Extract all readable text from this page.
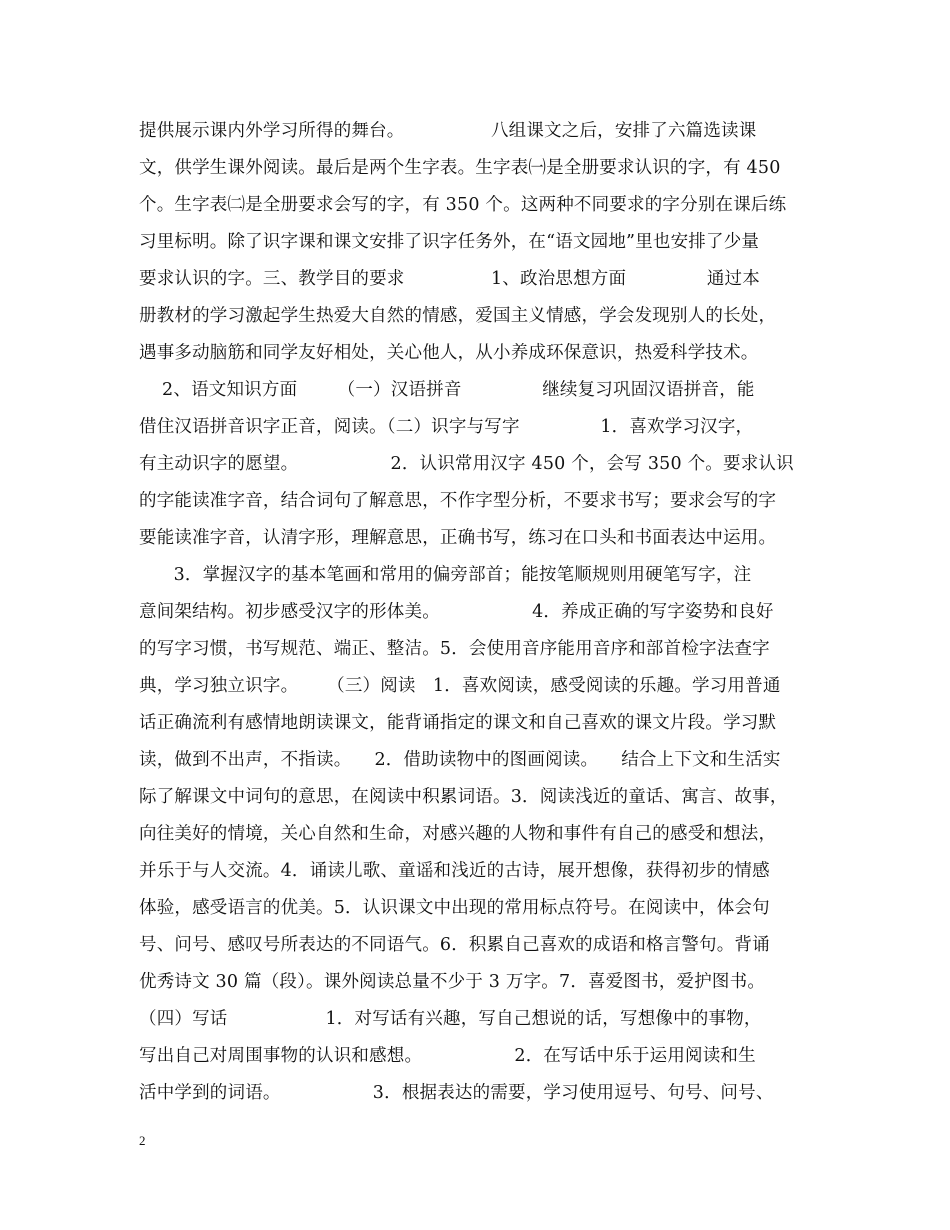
提供展示课内外学习所得的舞台。               八组课文之后，安排了六篇选读课
文，供学生课外阅读。最后是两个生字表。生字表㈠是全册要求认识的字，有 450
个。生字表㈡是全册要求会写的字，有 350 个。这两种不同要求的字分别在课后练
习里标明。除了识字课和课文安排了识字任务外，在“语文园地”里也安排了少量
要求认识的字。三、教学目的要求               1、政治思想方面              通过本
册教材的学习激起学生热爱大自然的情感，爱国主义情感，学会发现别人的长处，
遇事多动脑筋和同学友好相处，关心他人，从小养成环保意识，热爱科学技术。
2、语文知识方面       （一）汉语拼音              继续复习巩固汉语拼音，能
借住汉语拼音识字正音，阅读。（二）识字与写字              1．喜欢学习汉字，
有主动识字的愿望。                2．认识常用汉字 450 个，会写 350 个。要求认识
的字能读准字音，结合词句了解意思，不作字型分析，不要求书写；要求会写的字
要能读准字音，认清字形，理解意思，正确书写，练习在口头和书面表达中运用。
3．掌握汉字的基本笔画和常用的偏旁部首；能按笔顺规则用硬笔写字，注
意间架结构。初步感受汉字的形体美。                4．养成正确的写字姿势和良好
的写字习惯，书写规范、端正、整洁。5．会使用音序能用音序和部首检字法查字
典，学习独立识字。     （三）阅读   1．喜欢阅读，感受阅读的乐趣。学习用普通
话正确流利有感情地朗读课文，能背诵指定的课文和自己喜欢的课文片段。学习默
读，做到不出声，不指读。    2．借助读物中的图画阅读。    结合上下文和生活实
际了解课文中词句的意思，在阅读中积累词语。3．阅读浅近的童话、寓言、故事，
向往美好的情境，关心自然和生命，对感兴趣的人物和事件有自己的感受和想法，
并乐于与人交流。4．诵读儿歌、童谣和浅近的古诗，展开想像，获得初步的情感
体验，感受语言的优美。5．认识课文中出现的常用标点符号。在阅读中，体会句
号、问号、感叹号所表达的不同语气。6．积累自己喜欢的成语和格言警句。背诵
优秀诗文 30 篇（段）。课外阅读总量不少于 3 万字。7．喜爱图书，爱护图书。
（四）写话                 1．对写话有兴趣，写自己想说的话，写想像中的事物，
写出自己对周围事物的认识和感想。                2．在写话中乐于运用阅读和生
活中学到的词语。                3．根据表达的需要，学习使用逗号、句号、问号、
2
